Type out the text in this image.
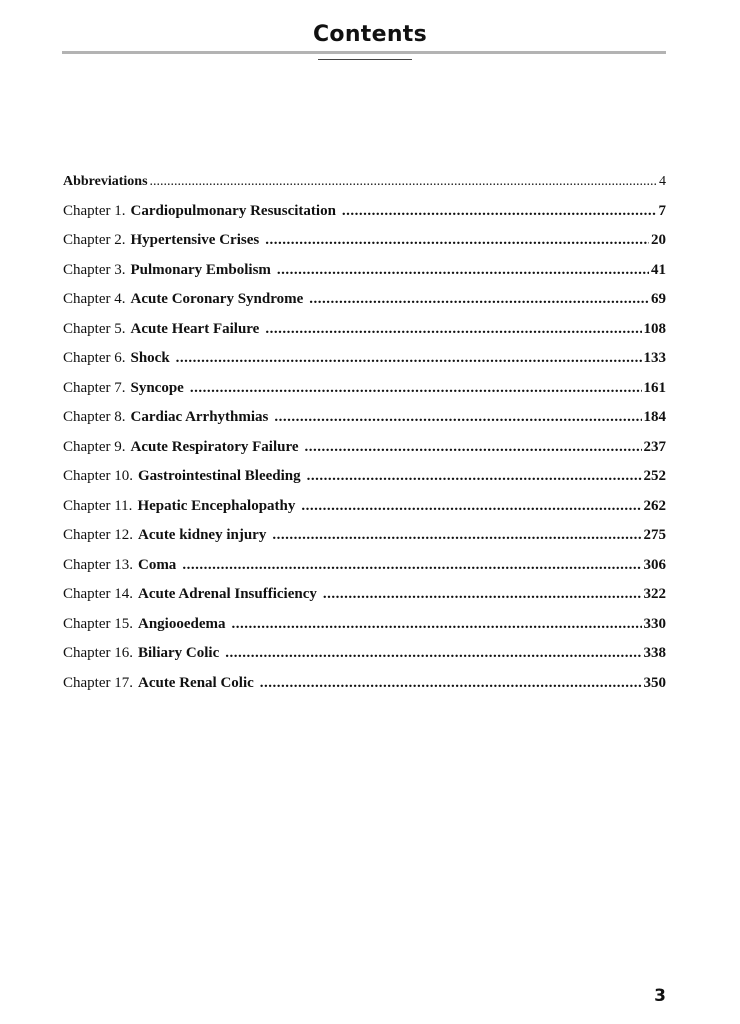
Contents
Abbreviations .....	4
Chapter 1. Cardiopulmonary Resuscitation .....	7
Chapter 2. Hypertensive Crises .....	20
Chapter 3. Pulmonary Embolism .....	41
Chapter 4. Acute Coronary Syndrome .....	69
Chapter 5. Acute Heart Failure .....	108
Chapter 6. Shock .....	133
Chapter 7. Syncope .....	161
Chapter 8. Cardiac Arrhythmias .....	184
Chapter 9. Acute Respiratory Failure .....	237
Chapter 10. Gastrointestinal Bleeding .....	252
Chapter 11. Hepatic Encephalopathy .....	262
Chapter 12. Acute kidney injury .....	275
Chapter 13. Coma .....	306
Chapter 14. Acute Adrenal Insufficiency .....	322
Chapter 15. Angiooedema .....	330
Chapter 16. Biliary Colic .....	338
Chapter 17. Acute Renal Colic .....	350
3
